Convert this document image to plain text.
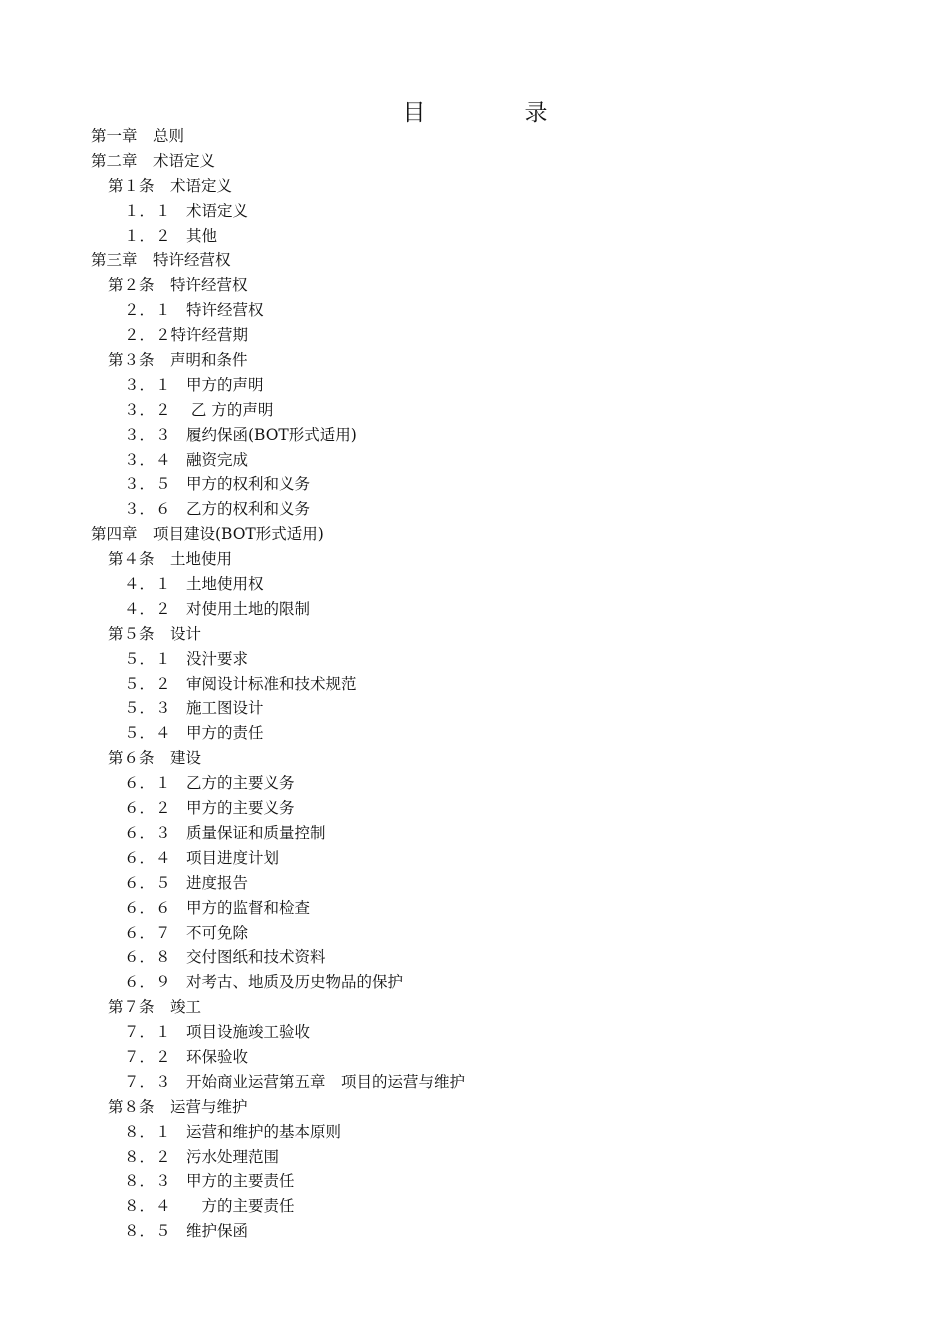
目　录
第一章　总则
第二章　术语定义
第１条　术语定义
１．１　术语定义
１．２　其他
第三章　特许经营权
第２条　特许经营权
２．１　特许经营权
２．２特许经营期
第３条　声明和条件
３．１　甲方的声明
３．２　 乙 方的声明
３．３　履约保函(BOT形式适用)
３．４　融资完成
３．５　甲方的权利和义务
３．６　乙方的权利和义务
第四章　项目建设(BOT形式适用)
第４条　土地使用
４．１　土地使用权
４．２　对使用土地的限制
第５条　设计
５．１　没汁要求
５．２　审阅设计标准和技术规范
５．３　施工图设计
５．４　甲方的责任
第６条　建设
６．１　乙方的主要义务
６．２　甲方的主要义务
６．３　质量保证和质量控制
６．４　项目进度计划
６．５　进度报告
６．６　甲方的监督和检查
６．７　不可免除
６．８　交付图纸和技术资料
６．９　对考古、地质及历史物品的保护
第７条　竣工
７．１　项目设施竣工验收
７．２　环保验收
７．３　开始商业运营第五章　项目的运营与维护
第８条　运营与维护
８．１　运营和维护的基本原则
８．２　污水处理范围
８．３　甲方的主要责任
８．４　　方的主要责任
８．５　维护保函
